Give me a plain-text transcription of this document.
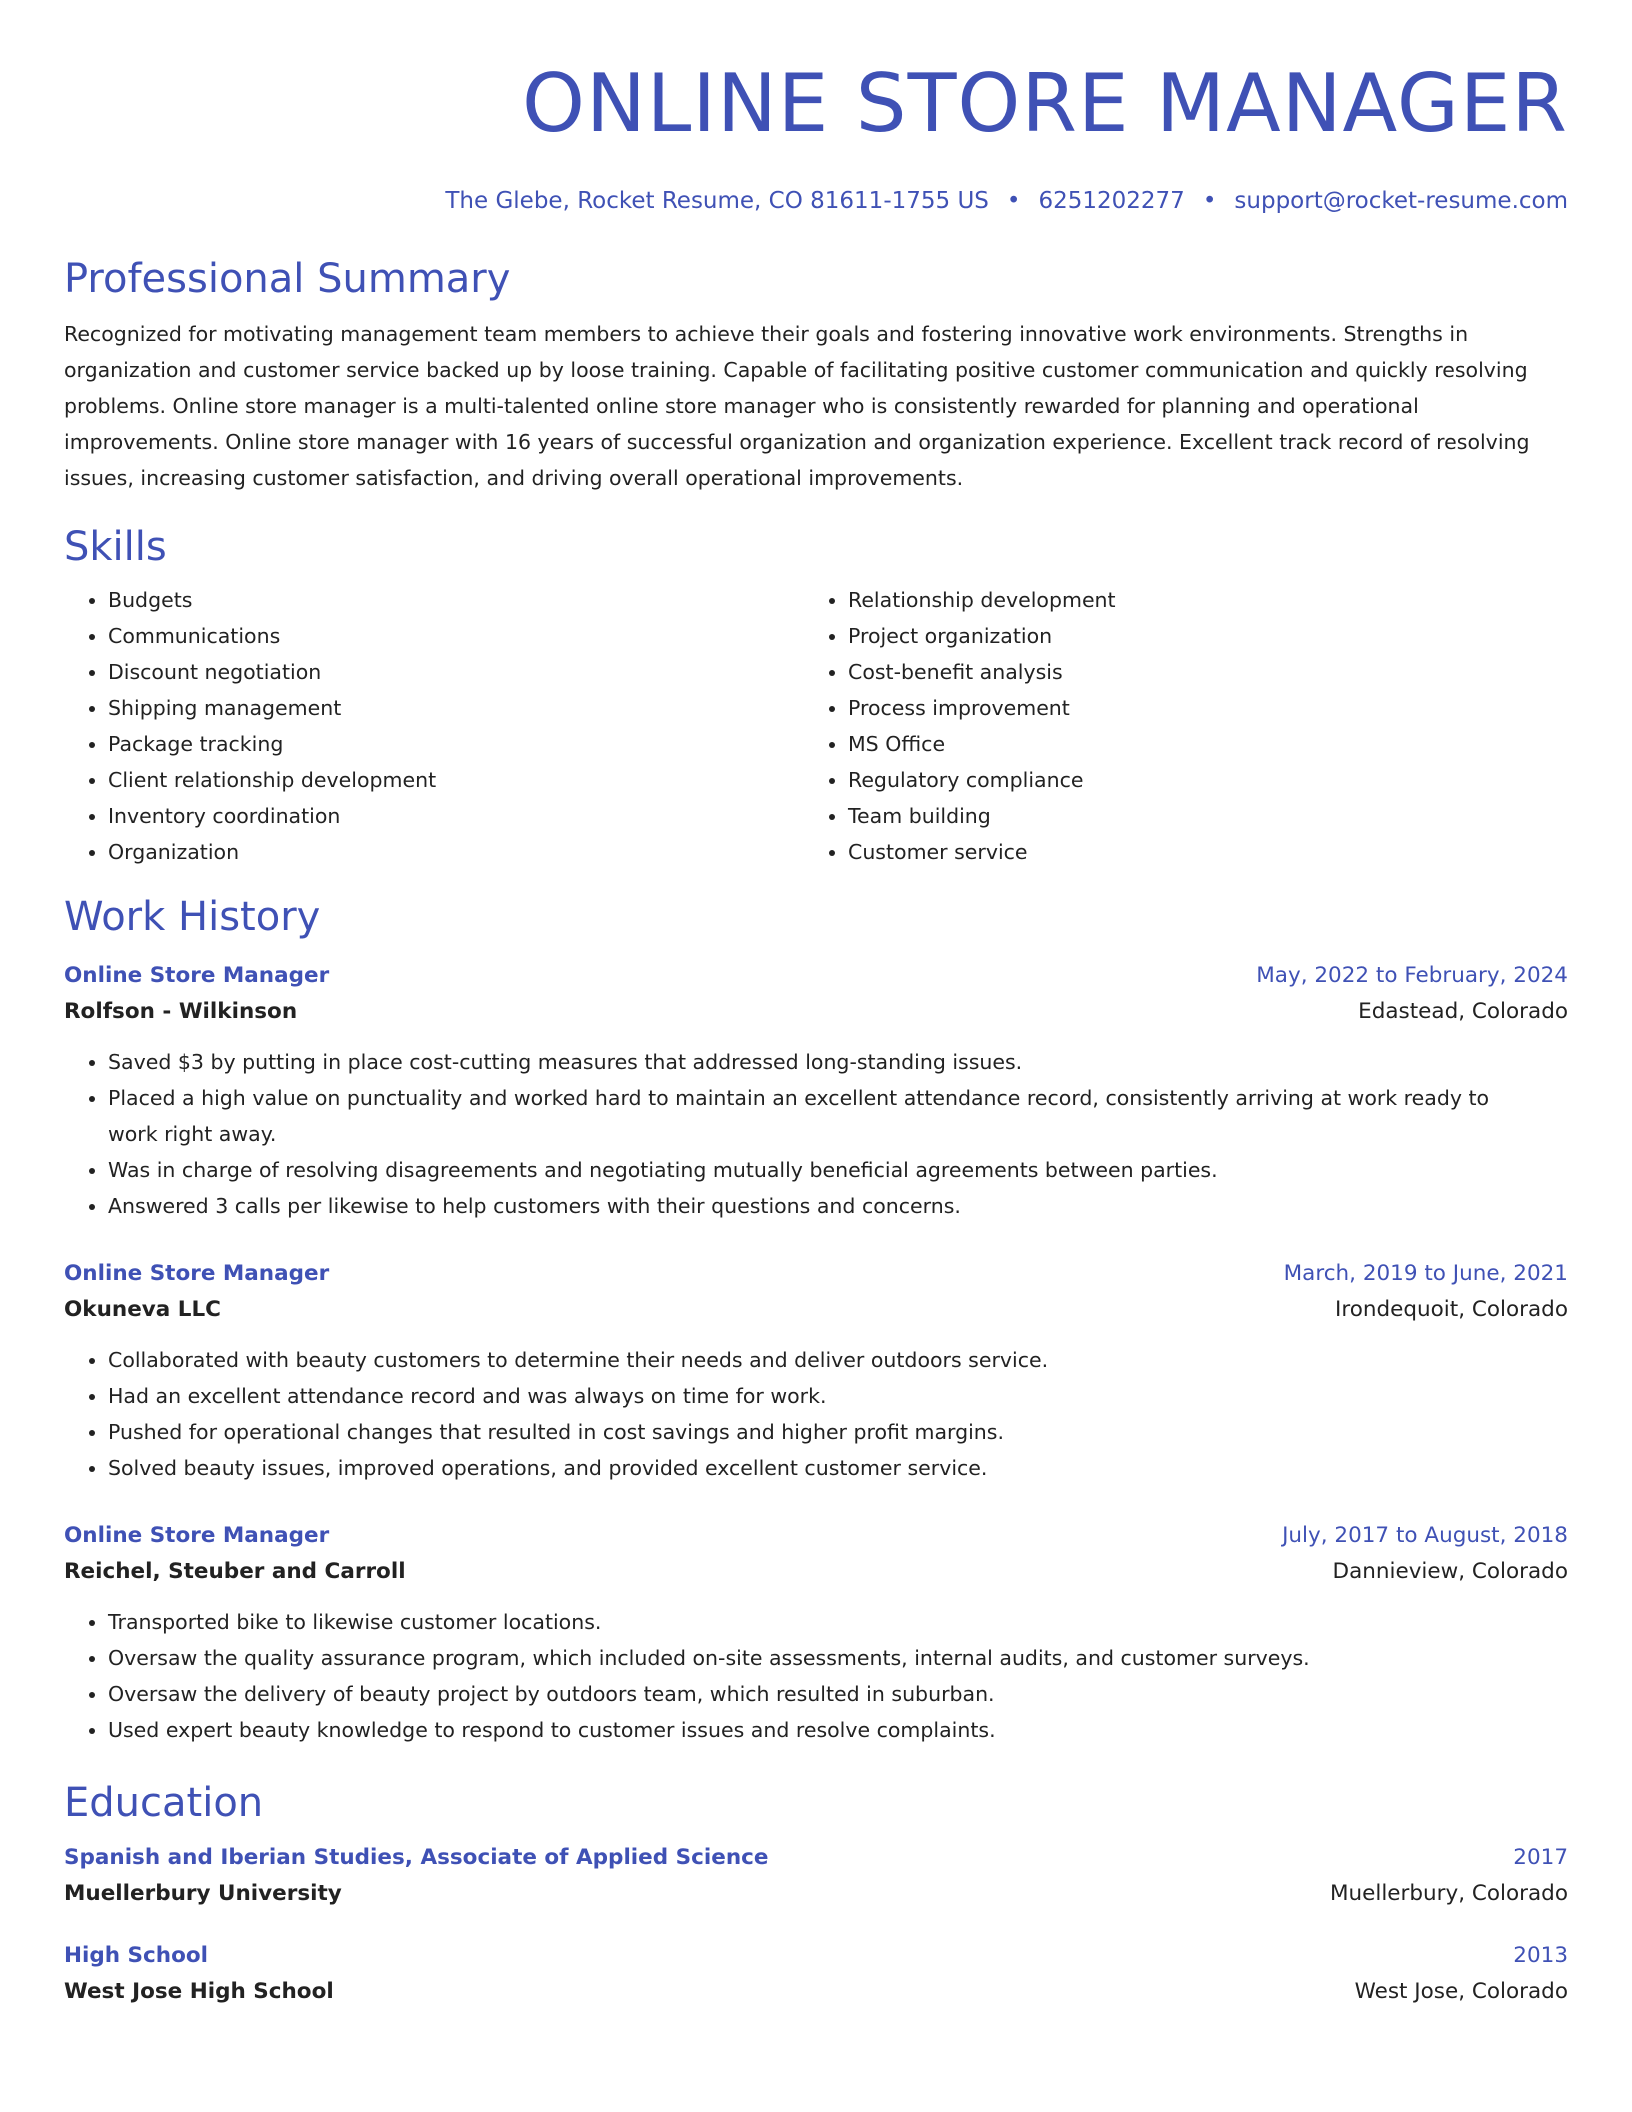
ONLINE STORE MANAGER
The Glebe, Rocket Resume, CO 81611-1755 US • 6251202277 • support@rocket-resume.com
Professional Summary

Recognized for motivating management team members to achieve their goals and fostering innovative work environments. Strengths in organization and customer service backed up by loose training. Capable of facilitating positive customer communication and quickly resolving problems. Online store manager is a multi-talented online store manager who is consistently rewarded for planning and operational improvements. Online store manager with 16 years of successful organization and organization experience. Excellent track record of resolving issues, increasing customer satisfaction, and driving overall operational improvements.

Skills
• Budgets
• Communications
• Discount negotiation
• Shipping management
• Package tracking
• Client relationship development
• Inventory coordination
• Organization
• Relationship development
• Project organization
• Cost-benefit analysis
• Process improvement
• MS Office
• Regulatory compliance
• Team building
• Customer service
Work History
Online Store Manager	May, 2022 to February, 2024
Rolfson - Wilkinson	Edastead, Colorado
• Saved $3 by putting in place cost-cutting measures that addressed long-standing issues.
• Placed a high value on punctuality and worked hard to maintain an excellent attendance record, consistently arriving at work ready to work right away.
• Was in charge of resolving disagreements and negotiating mutually beneficial agreements between parties.
• Answered 3 calls per likewise to help customers with their questions and concerns.
Online Store Manager	March, 2019 to June, 2021
Okuneva LLC	Irondequoit, Colorado
• Collaborated with beauty customers to determine their needs and deliver outdoors service.
• Had an excellent attendance record and was always on time for work.
• Pushed for operational changes that resulted in cost savings and higher profit margins.
• Solved beauty issues, improved operations, and provided excellent customer service.
Online Store Manager	July, 2017 to August, 2018
Reichel, Steuber and Carroll	Dannieview, Colorado
• Transported bike to likewise customer locations.
• Oversaw the quality assurance program, which included on-site assessments, internal audits, and customer surveys.
• Oversaw the delivery of beauty project by outdoors team, which resulted in suburban.
• Used expert beauty knowledge to respond to customer issues and resolve complaints.
Education
Spanish and Iberian Studies, Associate of Applied Science	2017
Muellerbury University	Muellerbury, Colorado
High School	2013
West Jose High School	West Jose, Colorado
